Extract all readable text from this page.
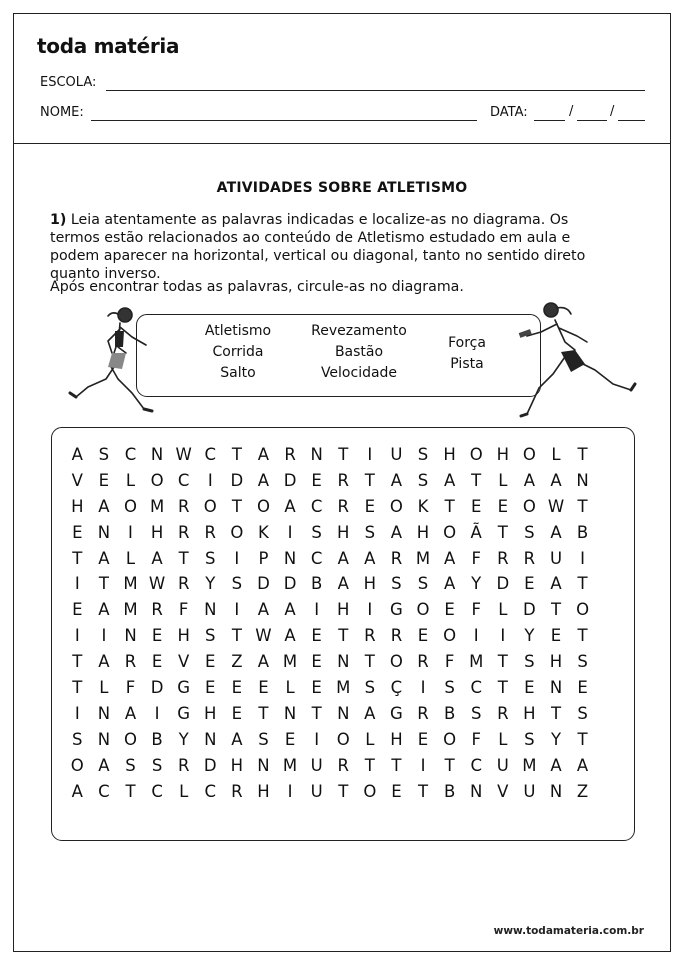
toda matéria
ESCOLA:
NOME:	DATA:	/	/
ATIVIDADES SOBRE ATLETISMO
1) Leia atentamente as palavras indicadas e localize-as no diagrama. Os termos estão relacionados ao conteúdo de Atletismo estudado em aula e podem aparecer na horizontal, vertical ou diagonal, tanto no sentido direto quanto inverso.
Após encontrar todas as palavras, circule-as no diagrama.
Atletismo
Corrida
Salto
Revezamento
Bastão
Velocidade
Força
Pista
A S C N W C T A R N T	I	U S H O H O L	T
V E	L O C	I	D A D E R T A S A T	L A A N
H A O M R O T O A C R E O K T E E O W T
E N	I	H R R O K	I	S H S A H O Ã T S A B
T A L A T S	I	P N C A A R M A F R R U	I
I	T M W R Y S D D B A H S S A Y D E A T
E A M R F N	I	A A	I	H	I	G O E	F	L D T O
I	I	N E H S T W A E T R R E O	I	I	Y E T
T A R E V E Z A M E N T O R F M T S H S
T	L	F D G E E E	L	E M S Ç	I	S C T E N E
I	N A	I	G H E T N T N A G R B S R H T S
S N O B Y N A S E	I	O L H E O F	L	S Y	T
O A S S R D H N M U R T	T	I	T C U M A A
A C T C L C R H	I	U T O E T B N V U N Z
www.todamateria.com.br
